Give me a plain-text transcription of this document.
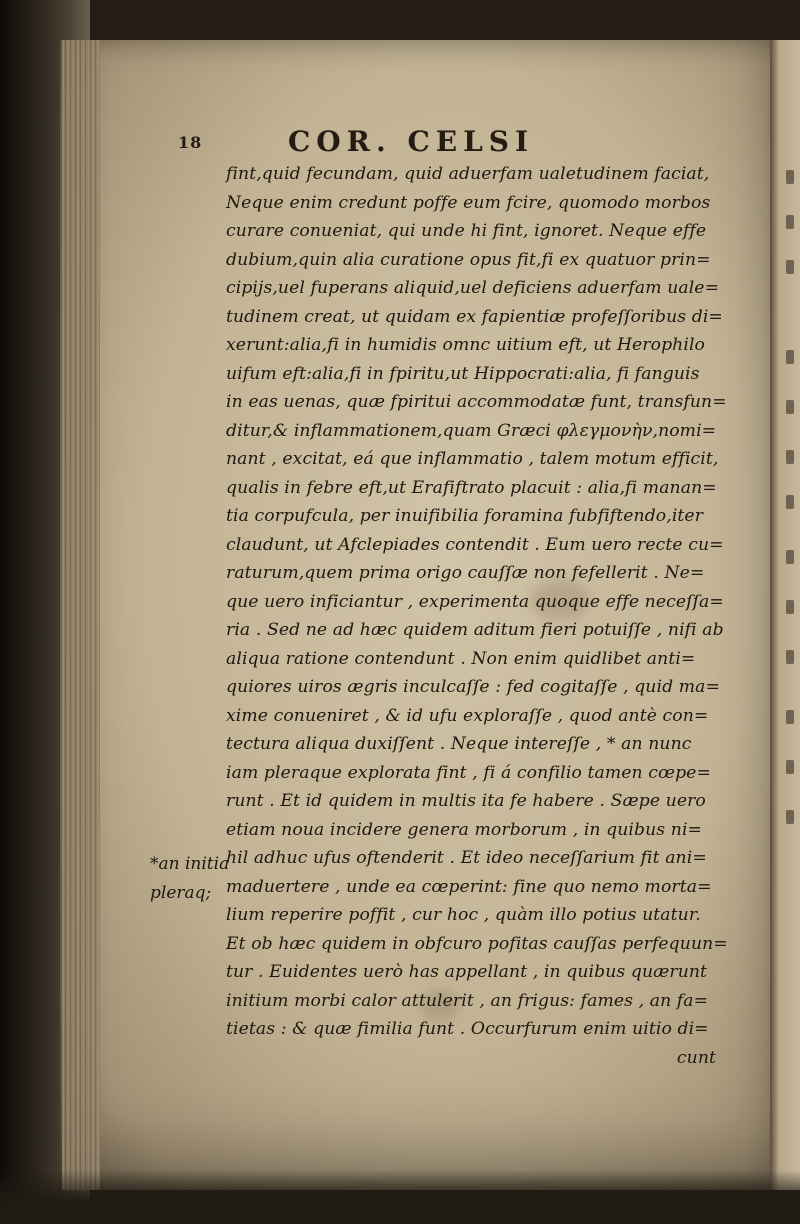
18	COR. CELSI
fint,quid fecundam, quid aduerfam ualetudinem faciat,
Neque enim credunt poffe eum fcire, quomodo morbos
curare conueniat, qui unde hi fint, ignoret. Neque effe
dubium,quin alia curatione opus fit,fi ex quatuor prin=
cipijs,uel fuperans aliquid,uel deficiens aduerfam uale=
tudinem creat, ut quidam ex fapientiæ profeſſoribus di=
xerunt:alia,fi in humidis omnc uitium eft, ut Herophilo
uifum eft:alia,fi in fpiritu,ut Hippocrati:alia, fi fanguis
in eas uenas, quæ fpiritui accommodatæ funt, transfun=
ditur,& inflammationem,quam Græci φλεγμονὴν,nomi=
nant , excitat, eá que inflammatio , talem motum efficit,
qualis in febre eft,ut Erafiftrato placuit : alia,fi manan=
tia corpufcula, per inuifibilia foramina fubfiftendo,iter
claudunt, ut Afclepiades contendit . Eum uero recte cu=
raturum,quem prima origo cauſſæ non fefellerit . Ne=
que uero inficiantur , experimenta quoque effe neceſſa=
ria . Sed ne ad hæc quidem aditum fieri potuiſſe , nifi ab
aliqua ratione contendunt . Non enim quidlibet anti=
quiores uiros ægris inculcaſſe : fed cogitaſſe , quid ma=
xime conueniret , & id ufu exploraſſe , quod antè con=
tectura aliqua duxiſſent . Neque intereſſe , * an nunc
iam pleraque explorata fint , fi á confilio tamen cœpe=
runt . Et id quidem in multis ita fe habere . Sæpe uero
etiam noua incidere genera morborum , in quibus ni=
hil adhuc ufus oftenderit . Et ideo neceſſarium fit ani=
maduertere , unde ea cœperint: fine quo nemo morta=
lium reperire poffit , cur hoc , quàm illo potius utatur.
Et ob hæc quidem in obfcuro pofitas cauſſas perfequun=
tur . Euidentes uerò has appellant , in quibus quærunt
initium morbi calor attulerit , an frigus: fames , an fa=
tietas : & quæ fimilia funt . Occurfurum enim uitio di=
cunt
*an initia
pleraq;
